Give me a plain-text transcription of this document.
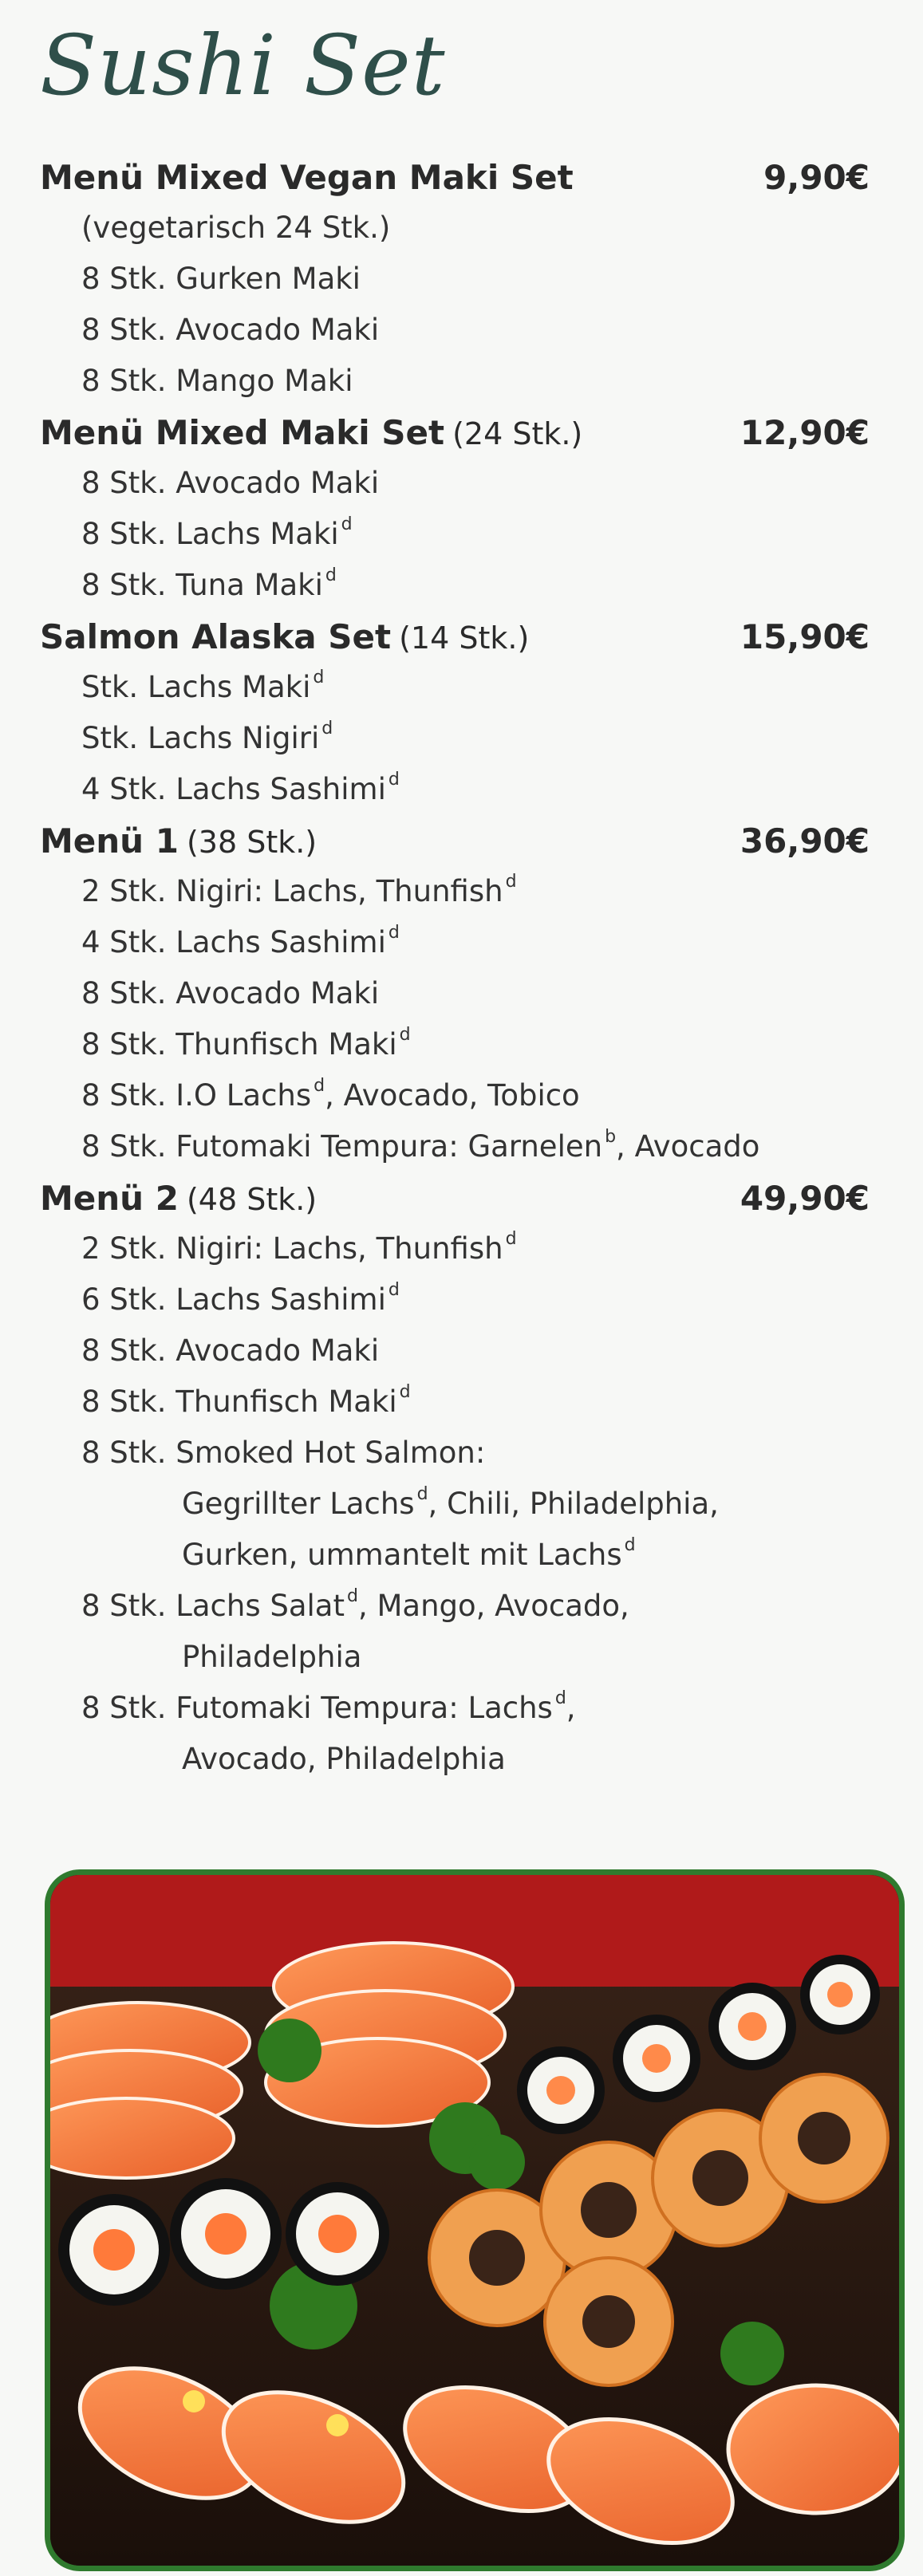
Sushi Set
Menü Mixed Vegan Maki Set	9,90€
(vegetarisch 24 Stk.)
8 Stk. Gurken Maki
8 Stk. Avocado Maki
8 Stk. Mango Maki
Menü Mixed Maki Set (24 Stk.)	12,90€
8 Stk. Avocado Maki
8 Stk. Lachs Maki $^d$
8 Stk. Tuna Maki $^d$
Salmon Alaska Set (14 Stk.)	15,90€
Stk. Lachs Maki $^d$
Stk. Lachs Nigiri $^d$
4 Stk. Lachs Sashimi $^d$
Menü 1 (38 Stk.)	36,90€
2 Stk. Nigiri: Lachs, Thunfish $^d$
4 Stk. Lachs Sashimi $^d$
8 Stk. Avocado Maki
8 Stk. Thunfisch Maki $^d$
8 Stk. I.O Lachs $^d$, Avocado, Tobico
8 Stk. Futomaki Tempura: Garnelen $^b$, Avocado
Menü 2 (48 Stk.)	49,90€
2 Stk. Nigiri: Lachs, Thunfish $^d$
6 Stk. Lachs Sashimi $^d$
8 Stk. Avocado Maki
8 Stk. Thunfisch Maki $^d$
8 Stk. Smoked Hot Salmon:
Gegrillter Lachs $^d$, Chili, Philadelphia,
Gurken, ummantelt mit Lachs $^d$
8 Stk. Lachs Salat $^d$, Mango, Avocado,
Philadelphia
8 Stk. Futomaki Tempura: Lachs $^d$,
Avocado, Philadelphia
